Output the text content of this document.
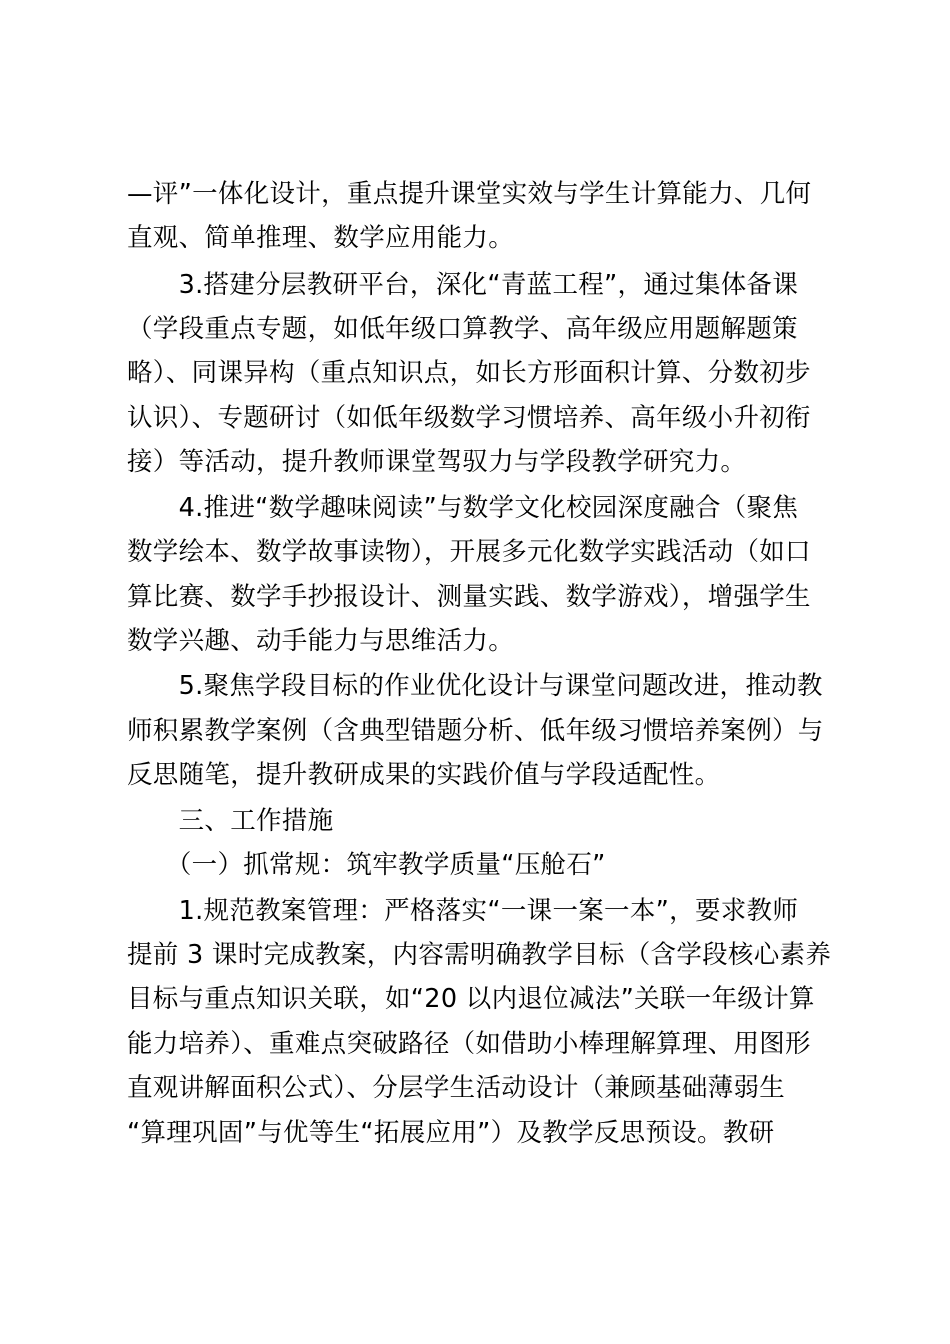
—评”一体化设计，重点提升课堂实效与学生计算能力、几何
直观、简单推理、数学应用能力。
　　3.搭建分层教研平台，深化“青蓝工程”，通过集体备课
（学段重点专题，如低年级口算教学、高年级应用题解题策
略）、同课异构（重点知识点，如长方形面积计算、分数初步
认识）、专题研讨（如低年级数学习惯培养、高年级小升初衔
接）等活动，提升教师课堂驾驭力与学段教学研究力。
　　4.推进“数学趣味阅读”与数学文化校园深度融合（聚焦
数学绘本、数学故事读物），开展多元化数学实践活动（如口
算比赛、数学手抄报设计、测量实践、数学游戏），增强学生
数学兴趣、动手能力与思维活力。
　　5.聚焦学段目标的作业优化设计与课堂问题改进，推动教
师积累教学案例（含典型错题分析、低年级习惯培养案例）与
反思随笔，提升教研成果的实践价值与学段适配性。
　　三、工作措施
　　（一）抓常规：筑牢教学质量“压舱石”
　　1.规范教案管理：严格落实“一课一案一本”，要求教师
提前 3 课时完成教案，内容需明确教学目标（含学段核心素养
目标与重点知识关联，如“20 以内退位减法”关联一年级计算
能力培养）、重难点突破路径（如借助小棒理解算理、用图形
直观讲解面积公式）、分层学生活动设计（兼顾基础薄弱生
“算理巩固”与优等生“拓展应用”）及教学反思预设。教研
